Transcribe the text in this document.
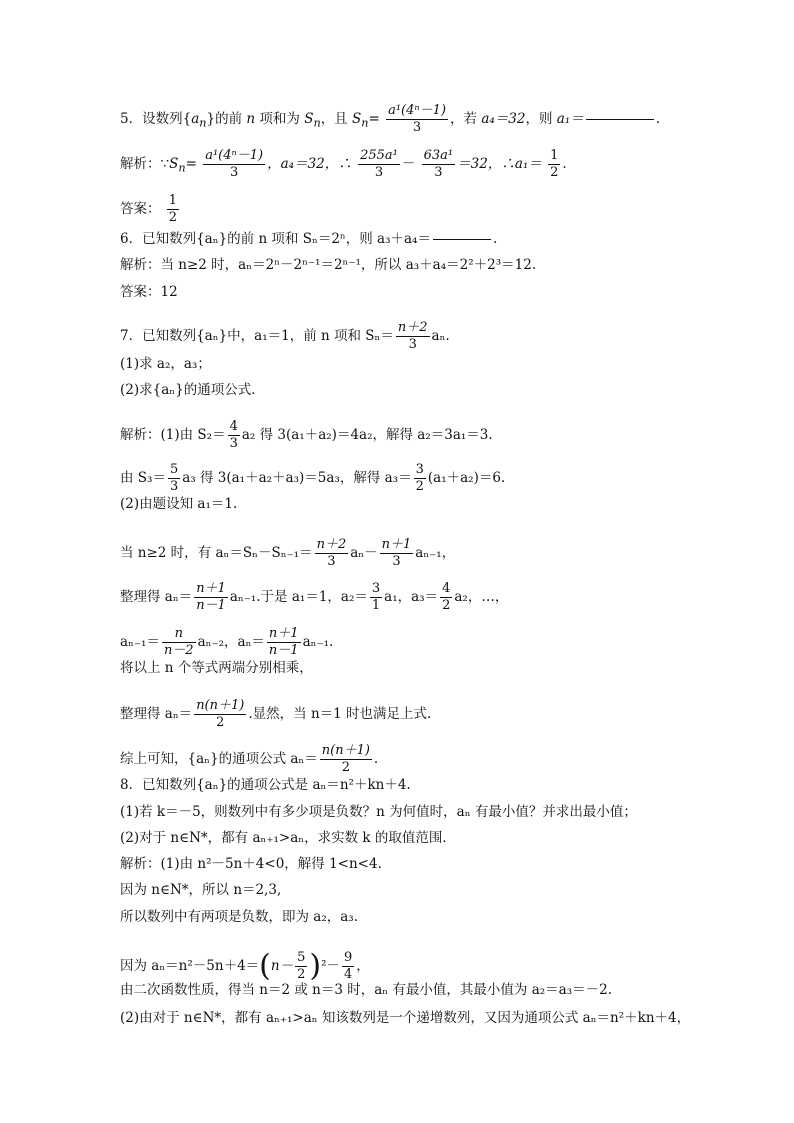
5．设数列$\{a_n\}$的前 n 项和为 $S_n$，且 $S_n= \frac{\text{a¹(4ⁿ－1)}}{3}$ ，若 a₄＝32，则 a₁＝	.
解析：$\because S_n= \frac{\text{a¹(4ⁿ－1)}}{3}$ ，a₄＝32，∴ $\frac{\text{255a¹}}{3} - \frac{\text{63a¹}}{3} =32$，∴a₁＝ $\frac{1}{2}$ .
答案： $\frac{1}{2}$
6．已知数列{aₙ}的前 n 项和 Sₙ＝2ⁿ，则 a₃＋a₄＝	.
解析：当 n≥2 时，aₙ＝2ⁿ－2ⁿ⁻¹＝2ⁿ⁻¹，所以 a₃＋a₄＝2²＋2³＝12.
答案：12
7．已知数列{aₙ}中，a₁＝1，前 n 项和 $S_n= \frac{n+2}{3} a_n$.
(1)求 a₂，a₃；
(2)求{aₙ}的通项公式．
解析：(1)由 $S_2= \frac{4}{3} a_2$ 得 3(a₁＋a₂)＝4a₂，解得 a₂＝3a₁＝3.
由 $S_3= \frac{5}{3} a_3$ 得 3(a₁＋a₂＋a₃)＝5a₃，解得 $a_3= \frac{3}{2} (a_1+a_2)=6$.
(2)由题设知 a₁＝1.
当 n≥2 时，有 $a_n=S_n-S_{n-1}= \frac{n+2}{3} a_n- \frac{n+1}{3} a_{n-1}$，
整理得 $a_n= \frac{n+1}{n-1} a_{n-1}$.于是 a₁＝1，$a_2= \frac{3}{1} a_1$，$a_3= \frac{4}{2} a_2$，…，
$a_{n-1}= \frac{n}{n-2} a_{n-2}$，$a_n= \frac{n+1}{n-1} a_{n-1}$.
将以上 n 个等式两端分别相乘，
整理得 $a_n= \frac{n(n+1)}{2}$ .显然，当 n＝1 时也满足上式.
综上可知，{aₙ}的通项公式 $a_n= \frac{n(n+1)}{2}$ .
8．已知数列{aₙ}的通项公式是 aₙ＝n²＋kn＋4.
(1)若 k＝－5，则数列中有多少项是负数？n 为何值时，aₙ 有最小值？并求出最小值；
(2)对于 n∈N*，都有 aₙ₊₁>aₙ，求实数 k 的取值范围．
解析：(1)由 n²－5n＋4<0，解得 1<n<4.
因为 n∈N*，所以 n＝2,3,
所以数列中有两项是负数，即为 a₂，a₃.
因为 $a_n=n^2-5n+4=(n- \frac{5}{2} )^2- \frac{9}{4}$ ，
由二次函数性质，得当 n＝2 或 n＝3 时，aₙ 有最小值，其最小值为 a₂＝a₃＝－2.
(2)由对于 n∈N*，都有 aₙ₊₁>aₙ 知该数列是一个递增数列，又因为通项公式 aₙ＝n²＋kn＋4，
